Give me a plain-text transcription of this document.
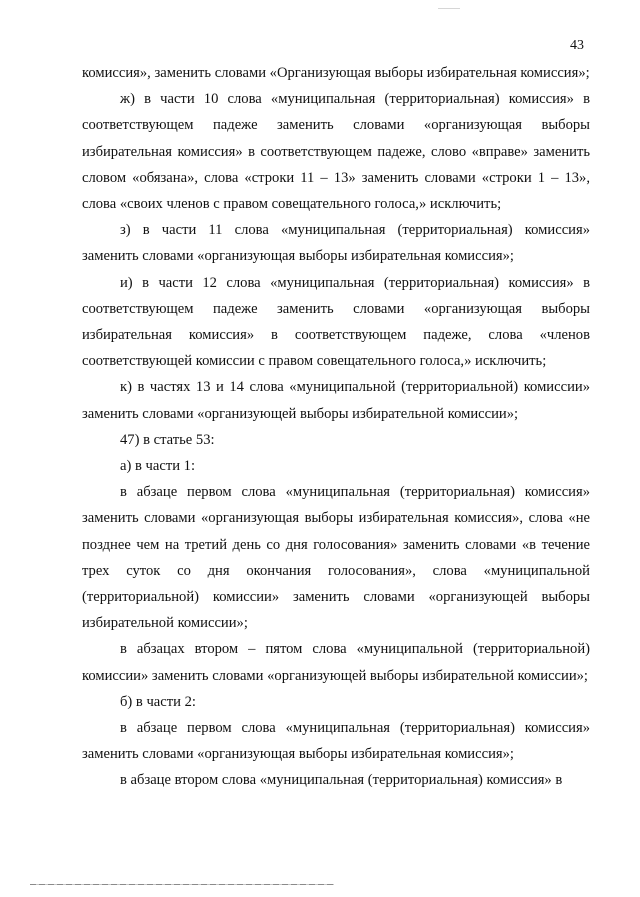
43

комиссия», заменить словами «Организующая выборы избирательная комиссия»;

ж) в части 10 слова «муниципальная (территориальная) комиссия» в соответствующем падеже заменить словами «организующая выборы избирательная комиссия» в соответствующем падеже, слово «вправе» заменить словом «обязана», слова «строки 11 – 13» заменить словами «строки 1 – 13», слова «своих членов с правом совещательного голоса,» исключить;

з) в части 11 слова «муниципальная (территориальная) комиссия» заменить словами «организующая выборы избирательная комиссия»;

и) в части 12 слова «муниципальная (территориальная) комиссия» в соответствующем падеже заменить словами «организующая выборы избирательная комиссия» в соответствующем падеже, слова «членов соответствующей комиссии с правом совещательного голоса,» исключить;

к) в частях 13 и 14 слова «муниципальной (территориальной) комиссии» заменить словами «организующей выборы избирательной комиссии»;

47) в статье 53:

а) в части 1:

в абзаце первом слова «муниципальная (территориальная) комиссия» заменить словами «организующая выборы избирательная комиссия», слова «не позднее чем на третий день со дня голосования» заменить словами «в течение трех суток со дня окончания голосования», слова «муниципальной (территориальной) комиссии» заменить словами «организующей выборы избирательной комиссии»;

в абзацах втором – пятом слова «муниципальной (территориальной) комиссии» заменить словами «организующей выборы избирательной комиссии»;

б) в части 2:

в абзаце первом слова «муниципальная (территориальная) комиссия» заменить словами «организующая выборы избирательная комиссия»;

в абзаце втором слова «муниципальная (территориальная) комиссия» в
